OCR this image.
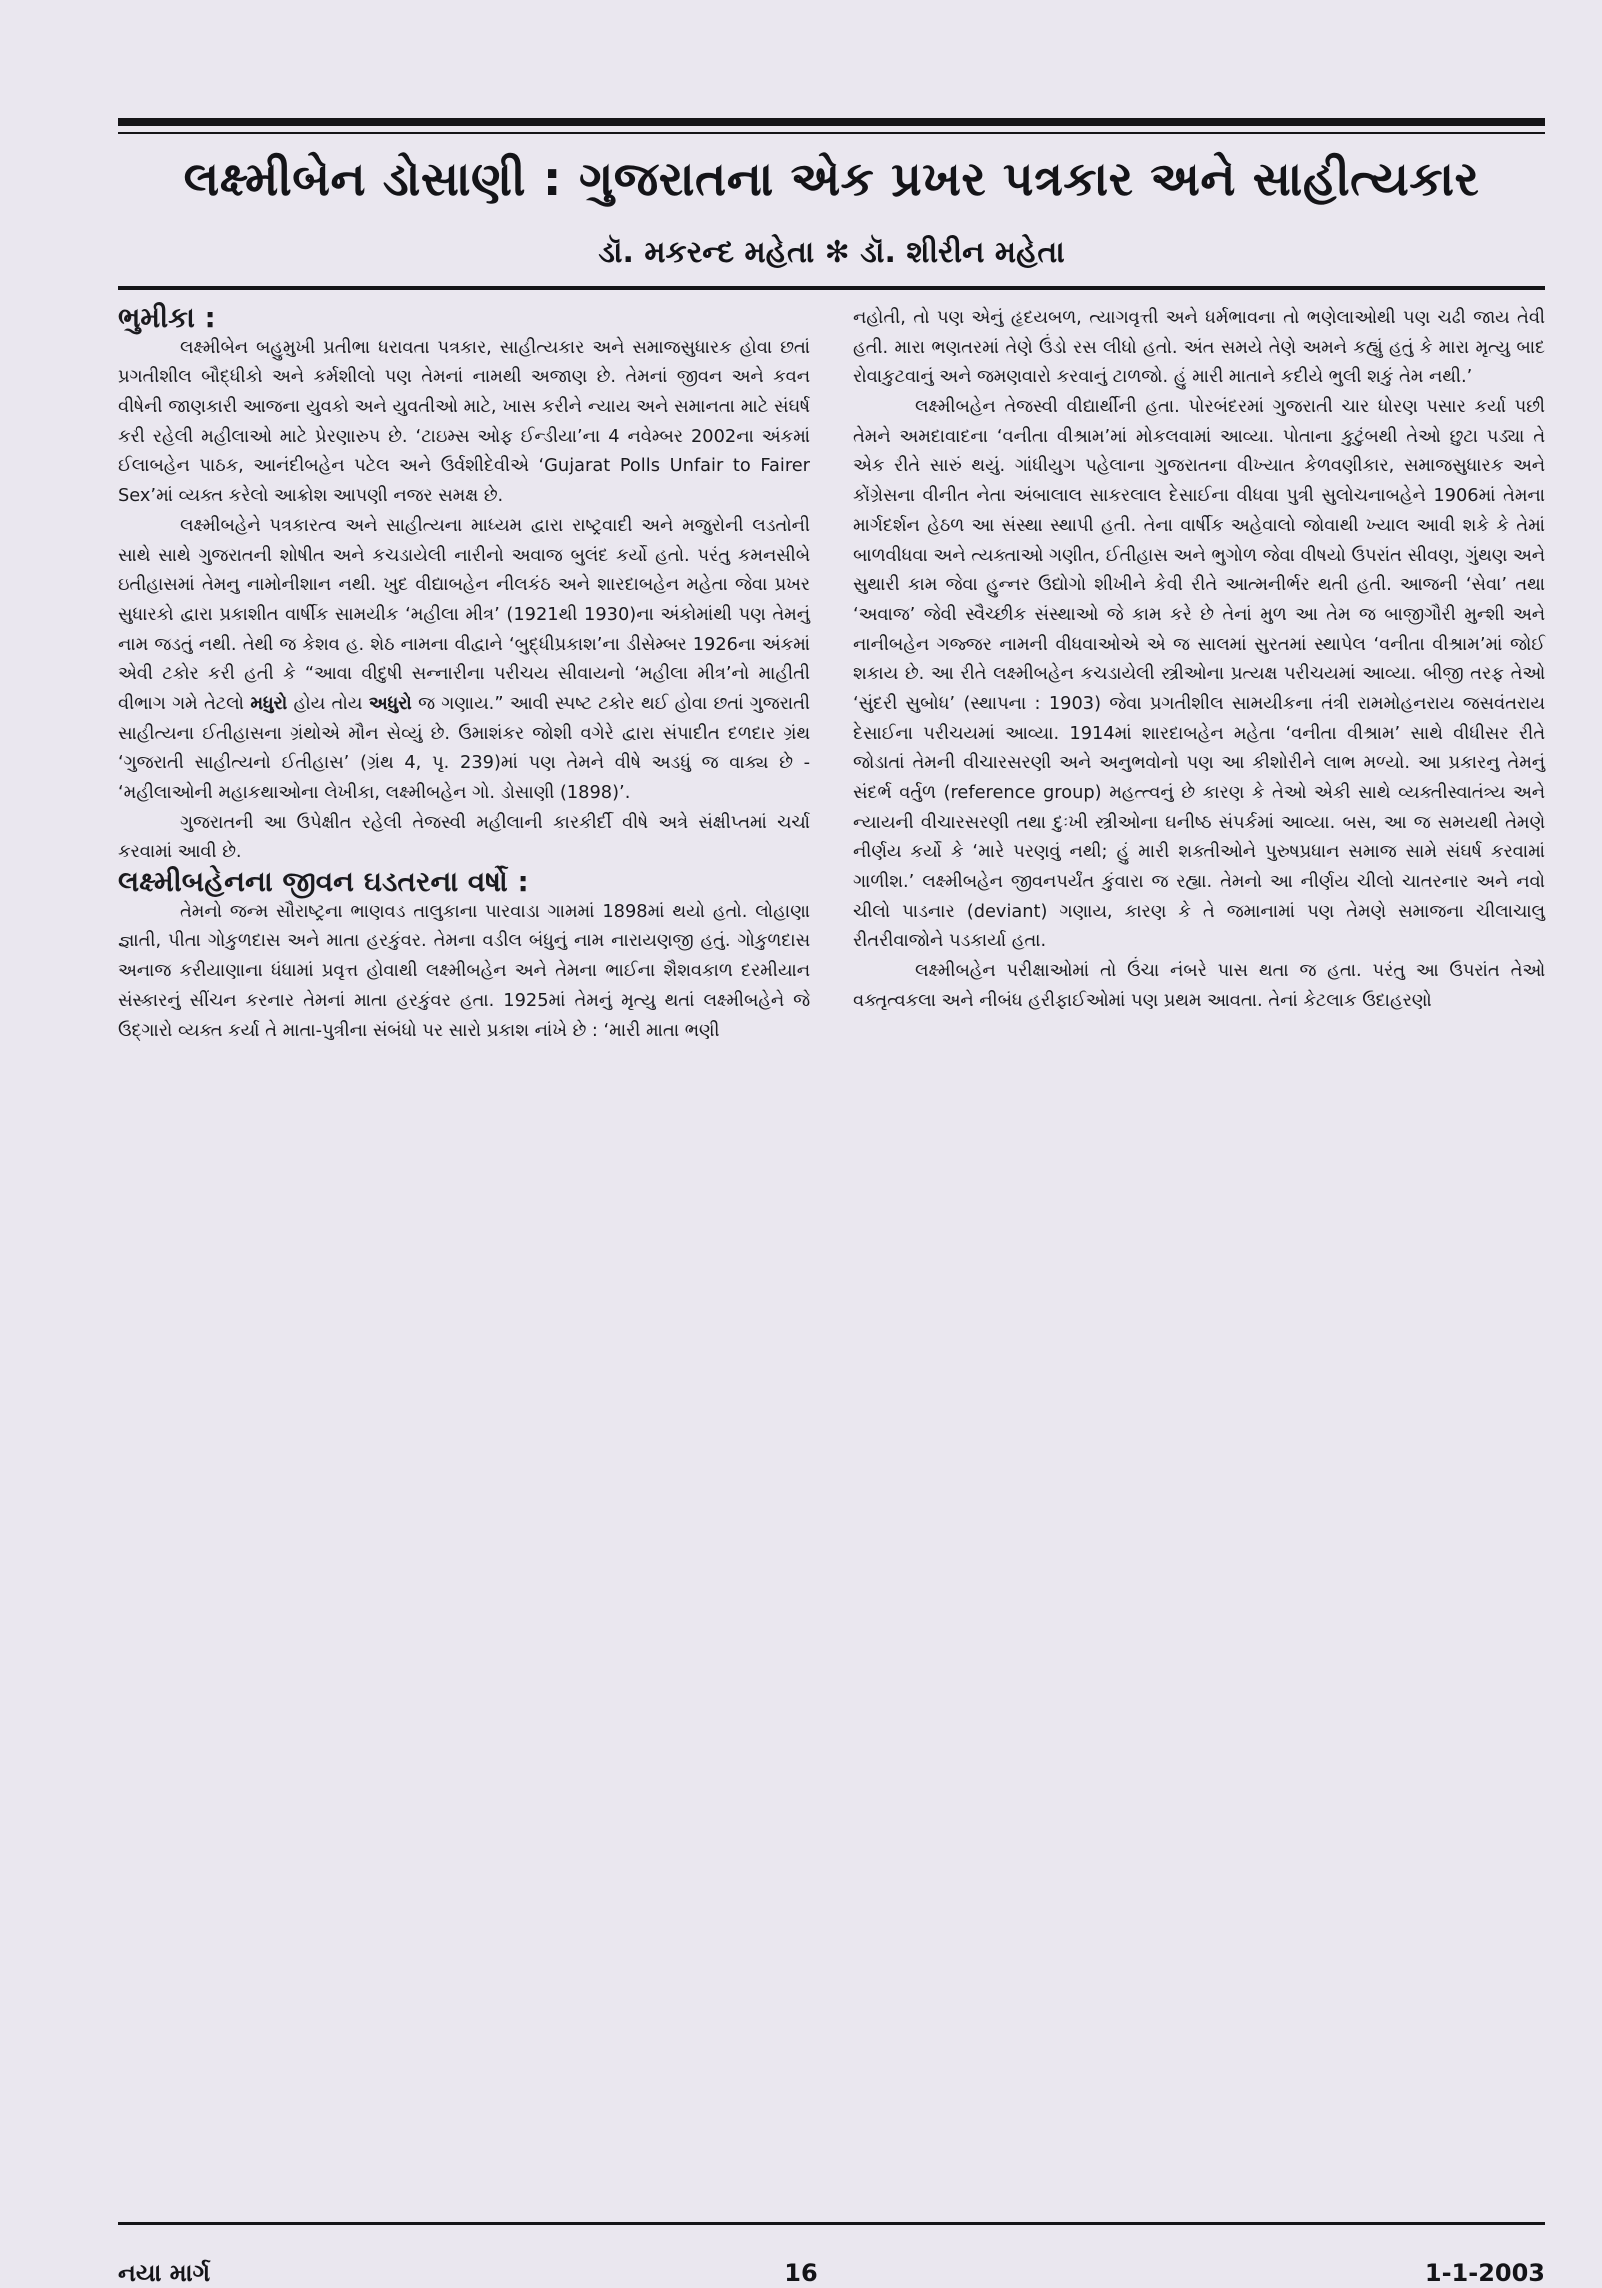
લક્ષ્મીબેન ડોસાણી : ગુજરાતના એક પ્રખર પત્રકાર અને સાહીત્યકાર
ડૉ. મકરન્દ મહેતા ✻ ડૉ. શીરીન મહેતા

ભુમીકા :

લક્ષ્મીબેન બહુમુખી પ્રતીભા ધરાવતા પત્રકાર, સાહીત્યકાર અને સમાજસુધારક હોવા છતાં પ્રગતીશીલ બૌદ્ધીકો અને કર્મશીલો પણ તેમનાં નામથી અજાણ છે. તેમનાં જીવન અને કવન વીષેની જાણકારી આજના યુવકો અને યુવતીઓ માટે, ખાસ કરીને ન્યાય અને સમાનતા માટે સંઘર્ષ કરી રહેલી મહીલાઓ માટે પ્રેરણારુપ છે. ‘ટાઇમ્સ ઓફ ઈન્ડીયા’ના 4 નવેમ્બર 2002ના અંકમાં ઈલાબહેન પાઠક, આનંદીબહેન પટેલ અને ઉર્વશીદેવીએ ‘Gujarat Polls Unfair to Fairer Sex’માં વ્યક્ત કરેલો આક્રોશ આપણી નજર સમક્ષ છે.

લક્ષ્મીબહેને પત્રકારત્વ અને સાહીત્યના માધ્યમ દ્વારા રાષ્ટ્રવાદી અને મજુરોની લડતોની સાથે સાથે ગુજરાતની શોષીત અને કચડાયેલી નારીનો અવાજ બુલંદ કર્યો હતો. પરંતુ કમનસીબે ઇતીહાસમાં તેમનુ નામોનીશાન નથી. ખુદ વીદ્યાબહેન નીલકંઠ અને શારદાબહેન મહેતા જેવા પ્રખર સુધારકો દ્વારા પ્રકાશીત વાર્ષીક સામયીક ‘મહીલા મીત્ર’ (1921થી 1930)ના અંકોમાંથી પણ તેમનું નામ જડતું નથી. તેથી જ કેશવ હ. શેઠ નામના વીદ્વાને ‘બુદ્ધીપ્રકાશ’ના ડીસેમ્બર 1926ના અંકમાં એવી ટકોર કરી હતી કે “આવા વીદુષી સન્નારીના પરીચય સીવાયનો ‘મહીલા મીત્ર’નો માહીતી વીભાગ ગમે તેટલો મધુરો હોય તોય અધુરો જ ગણાય.” આવી સ્પષ્ટ ટકોર થઈ હોવા છતાં ગુજરાતી સાહીત્યના ઈતીહાસના ગ્રંથોએ મૌન સેવ્યું છે. ઉમાશંકર જોશી વગેરે દ્વારા સંપાદીત દળદાર ગ્રંથ ‘ગુજરાતી સાહીત્યનો ઈતીહાસ’ (ગ્રંથ 4, પૃ. 239)માં પણ તેમને વીષે અડધું જ વાક્ય છે - ‘મહીલાઓની મહાકથાઓના લેખીકા, લક્ષ્મીબહેન ગો. ડોસાણી (1898)’.

ગુજરાતની આ ઉપેક્ષીત રહેલી તેજસ્વી મહીલાની કારકીર્દી વીષે અત્રે સંક્ષીપ્તમાં ચર્ચા કરવામાં આવી છે.

લક્ષ્મીબહેનના જીવન ઘડતરના વર્ષો :

તેમનો જન્મ સૌરાષ્ટ્રના ભાણવડ તાલુકાના પારવાડા ગામમાં 1898માં થયો હતો. લોહાણા જ્ઞાતી, પીતા ગોકુળદાસ અને માતા હરકુંવર. તેમના વડીલ બંધુનું નામ નારાયણજી હતું. ગોકુળદાસ અનાજ કરીયાણાના ધંધામાં પ્રવૃત્ત હોવાથી લક્ષ્મીબહેન અને તેમના ભાઈના શૈશવકાળ દરમીયાન સંસ્કારનું સીંચન કરનાર તેમનાં માતા હરકુંવર હતા. 1925માં તેમનું મૃત્યુ થતાં લક્ષ્મીબહેને જે ઉદ્ગારો વ્યક્ત કર્યા તે માતા-પુત્રીના સંબંધો પર સારો પ્રકાશ નાંખે છે : ‘મારી માતા ભણી

નહોતી, તો પણ એનું હૃદયબળ, ત્યાગવૃત્તી અને ધર્મભાવના તો ભણેલાઓથી પણ ચઢી જાય તેવી હતી. મારા ભણતરમાં તેણે ઉંડો રસ લીધો હતો. અંત સમયે તેણે અમને કહ્યું હતું કે મારા મૃત્યુ બાદ રોવાકુટવાનું અને જમણવારો કરવાનું ટાળજો. હું મારી માતાને કદીયે ભુલી શકું તેમ નથી.’

લક્ષ્મીબહેન તેજસ્વી વીદ્યાર્થીની હતા. પોરબંદરમાં ગુજરાતી ચાર ધોરણ પસાર કર્યા પછી તેમને અમદાવાદના ‘વનીતા વીશ્રામ’માં મોકલવામાં આવ્યા. પોતાના કુટુંબથી તેઓ છુટા પડ્યા તે એક રીતે સારું થયું. ગાંધીયુગ પહેલાના ગુજરાતના વીખ્યાત કેળવણીકાર, સમાજસુધારક અને કોંગ્રેસના વીનીત નેતા અંબાલાલ સાકરલાલ દેસાઈના વીધવા પુત્રી સુલોચનાબહેને 1906માં તેમના માર્ગદર્શન હેઠળ આ સંસ્થા સ્થાપી હતી. તેના વાર્ષીક અહેવાલો જોવાથી ખ્યાલ આવી શકે કે તેમાં બાળવીધવા અને ત્યક્તાઓ ગણીત, ઈતીહાસ અને ભુગોળ જેવા વીષયો ઉપરાંત સીવણ, ગુંથણ અને સુથારી કામ જેવા હુન્નર ઉદ્યોગો શીખીને કેવી રીતે આત્મનીર્ભર થતી હતી. આજની ‘સેવા’ તથા ‘અવાજ’ જેવી સ્વૈચ્છીક સંસ્થાઓ જે કામ કરે છે તેનાં મુળ આ તેમ જ બાજીગૌરી મુન્શી અને નાનીબહેન ગજ્જર નામની વીધવાઓએ એ જ સાલમાં સુરતમાં સ્થાપેલ ‘વનીતા વીશ્રામ’માં જોઈ શકાય છે. આ રીતે લક્ષ્મીબહેન કચડાયેલી સ્ત્રીઓના પ્રત્યક્ષ પરીચયમાં આવ્યા. બીજી તરફ તેઓ ‘સુંદરી સુબોધ’ (સ્થાપના : 1903) જેવા પ્રગતીશીલ સામયીકના તંત્રી રામમોહનરાય જસવંતરાય દેસાઈના પરીચયમાં આવ્યા. 1914માં શારદાબહેન મહેતા ‘વનીતા વીશ્રામ’ સાથે વીધીસર રીતે જોડાતાં તેમની વીચારસરણી અને અનુભવોનો પણ આ કીશોરીને લાભ મળ્યો. આ પ્રકારનુ તેમનું સંદર્ભ વર્તુળ (reference group) મહત્ત્વનું છે કારણ કે તેઓ એકી સાથે વ્યક્તીસ્વાતંત્ર્ય અને ન્યાયની વીચારસરણી તથા દુઃખી સ્ત્રીઓના ઘનીષ્ઠ સંપર્કમાં આવ્યા. બસ, આ જ સમયથી તેમણે નીર્ણય કર્યો કે ‘મારે પરણવું નથી; હું મારી શક્તીઓને પુરુષપ્રધાન સમાજ સામે સંઘર્ષ કરવામાં ગાળીશ.’ લક્ષ્મીબહેન જીવનપર્યંત કુંવારા જ રહ્યા. તેમનો આ નીર્ણય ચીલો ચાતરનાર અને નવો ચીલો પાડનાર (deviant) ગણાય, કારણ કે તે જમાનામાં પણ તેમણે સમાજના ચીલાચાલુ રીતરીવાજોને પડકાર્યા હતા.

લક્ષ્મીબહેન પરીક્ષાઓમાં તો ઉંચા નંબરે પાસ થતા જ હતા. પરંતુ આ ઉપરાંત તેઓ વક્તૃત્વકલા અને નીબંધ હરીફાઈઓમાં પણ પ્રથમ આવતા. તેનાં કેટલાક ઉદાહરણો

નયા માર્ગ	16	1-1-2003
